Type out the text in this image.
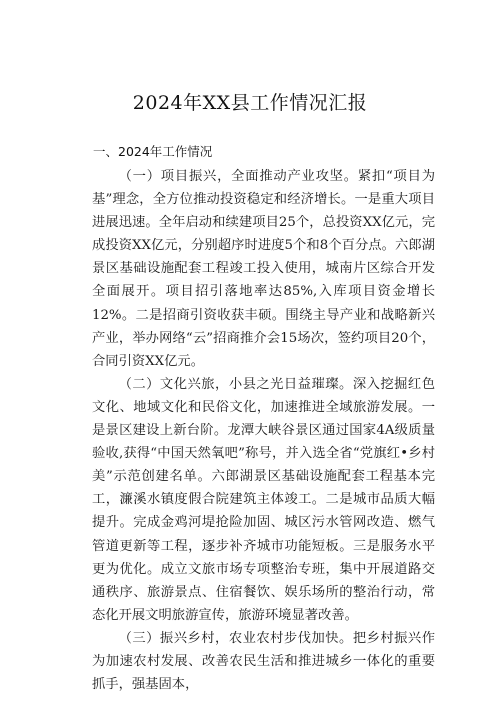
2024年XX县工作情况汇报

一、2024年工作情况

（一）项目振兴，全面推动产业攻坚。紧扣“项目为基”理念，全方位推动投资稳定和经济增长。一是重大项目进展迅速。全年启动和续建项目25个，总投资XX亿元，完成投资XX亿元，分别超序时进度5个和8个百分点。六郎湖景区基础设施配套工程竣工投入使用，城南片区综合开发全面展开。项目招引落地率达85%,入库项目资金增长12%。二是招商引资收获丰硕。围绕主导产业和战略新兴产业，举办网络“云”招商推介会15场次，签约项目20个，合同引资XX亿元。

（二）文化兴旅，小县之光日益璀璨。深入挖掘红色文化、地域文化和民俗文化，加速推进全域旅游发展。一是景区建设上新台阶。龙潭大峡谷景区通过国家4A级质量验收,获得“中国天然氧吧”称号，并入选全省“党旗红•乡村美”示范创建名单。六郎湖景区基础设施配套工程基本完工，濂溪水镇度假合院建筑主体竣工。二是城市品质大幅提升。完成金鸡河堤抢险加固、城区污水管网改造、燃气管道更新等工程，逐步补齐城市功能短板。三是服务水平更为优化。成立文旅市场专项整治专班，集中开展道路交通秩序、旅游景点、住宿餐饮、娱乐场所的整治行动，常态化开展文明旅游宣传，旅游环境显著改善。

（三）振兴乡村，农业农村步伐加快。把乡村振兴作为加速农村发展、改善农民生活和推进城乡一体化的重要抓手，强基固本，
